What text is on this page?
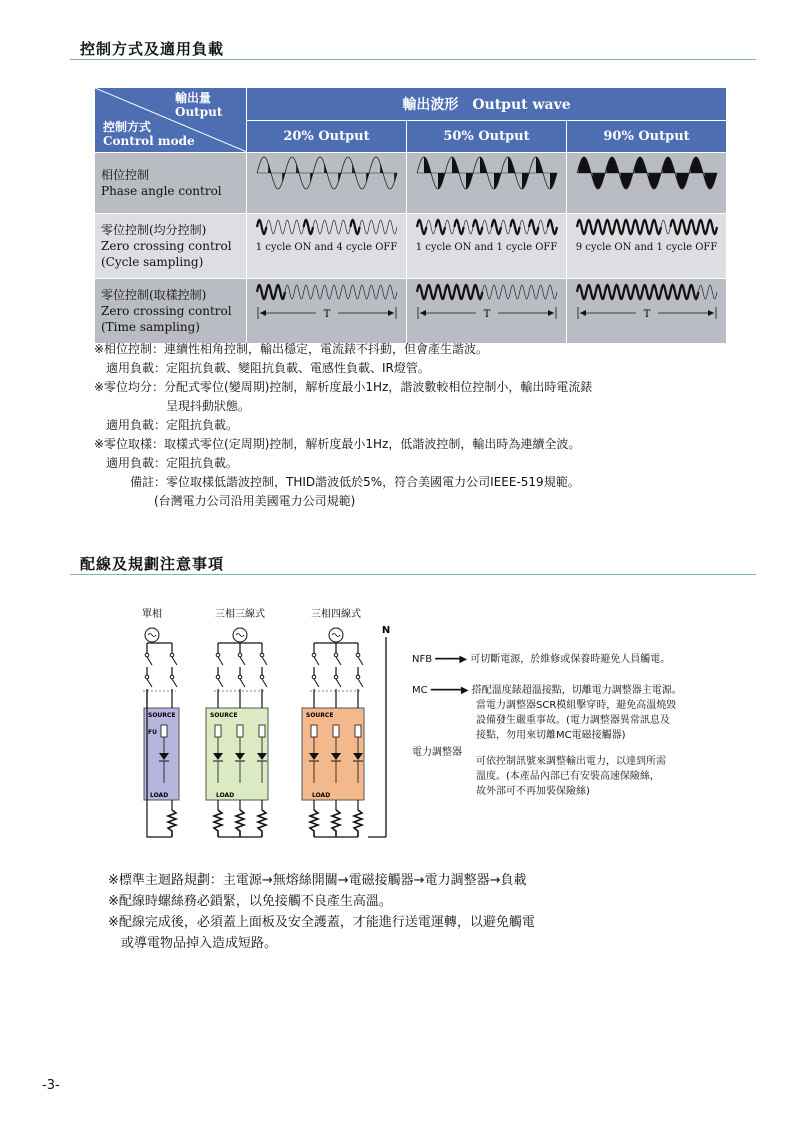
控制方式及適用負載
輸出量
Output
控制方式
Control mode	輸出波形　Output wave		
	20% Output	50% Output	90% Output

相位控制
Phase angle control

零位控制(均分控制)
Zero crossing control
(Cycle sampling)	1 cycle ON and 4 cycle OFF	1 cycle ON and 1 cycle OFF	9 cycle ON and 1 cycle OFF

零位控制(取樣控制)
Zero crossing control
(Time sampling)	T	T	T
※相位控制：連續性相角控制，輸出穩定，電流錶不抖動，但會產生諧波。
　適用負載：定阻抗負載、變阻抗負載、電感性負載、IR燈管。
※零位均分：分配式零位(變周期)控制，解析度最小1Hz，諧波數較相位控制小，輸出時電流錶
　　　　　　呈現抖動狀態。
　適用負載：定阻抗負載。
※零位取樣：取樣式零位(定周期)控制，解析度最小1Hz，低諧波控制，輸出時為連續全波。
　適用負載：定阻抗負載。
　　　備註：零位取樣低諧波控制，THID諧波低於5%，符合美國電力公司IEEE-519規範。
　　　　　(台灣電力公司沿用美國電力公司規範)
配線及規劃注意事項
單相	三相三線式	三相四線式
N
SOURCE	SOURCE	SOURCE
FU
LOAD	LOAD	LOAD
NFB ━━━━▶ 可切斷電源，於維修或保養時避免人員觸電。
MC ━━━━━▶ 搭配溫度錶超溫接點，切離電力調整器主電源。
當電力調整器SCR模組擊穿時，避免高溫燒毀
設備發生嚴重事故。(電力調整器異常訊息及
接點，勿用來切離MC電磁接觸器)
電力調整器
可依控制訊號來調整輸出電力，以達到所需
溫度。(本產品內部已有安裝高速保險絲，
故外部可不再加裝保險絲)
※標準主迴路規劃：主電源→無熔絲開關→電磁接觸器→電力調整器→負載
※配線時螺絲務必鎖緊，以免接觸不良產生高溫。
※配線完成後，必須蓋上面板及安全護蓋，才能進行送電運轉，以避免觸電
　或導電物品掉入造成短路。
-3-
